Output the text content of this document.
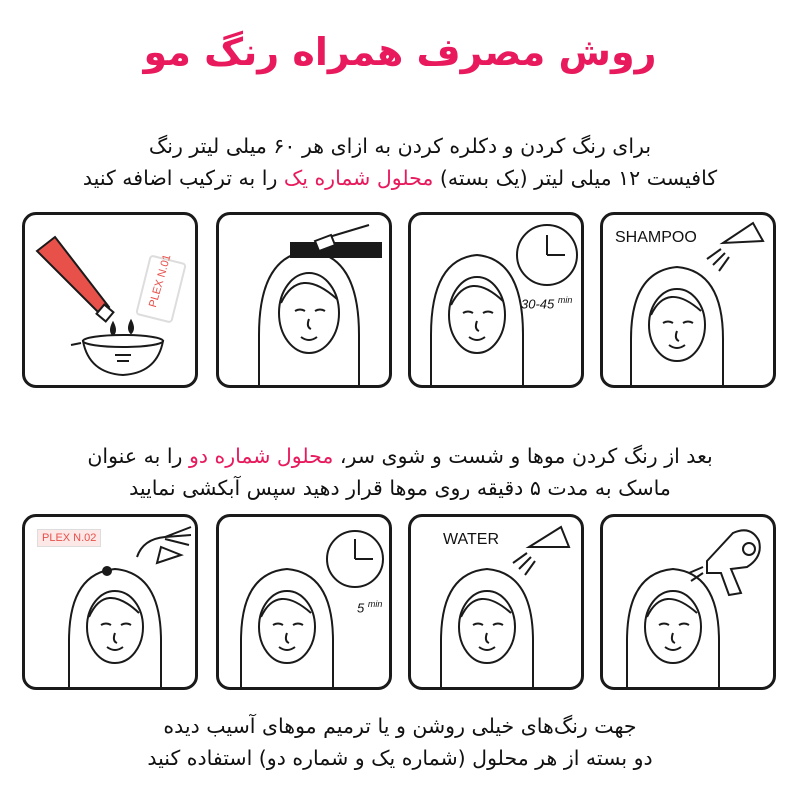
روش مصرف همراه رنگ مو
برای رنگ کردن و دکلره کردن به ازای هر ۶۰ میلی لیتر رنگ
کافیست ۱۲ میلی لیتر (یک بسته) محلول شماره یک را به ترکیب اضافه کنید
PLEX N.01	30-45 $^{min}$
SHAMPOO
بعد از رنگ کردن موها و شست و شوی سر، محلول شماره دو را به عنوان
ماسک به مدت ۵ دقیقه روی موها قرار دهید سپس آبکشی نمایید
PLEX N.02
5 $^{min}$
WATER
جهت رنگ‌های خیلی روشن و یا ترمیم موهای آسیب دیده
دو بسته از هر محلول (شماره یک و شماره دو) استفاده کنید
